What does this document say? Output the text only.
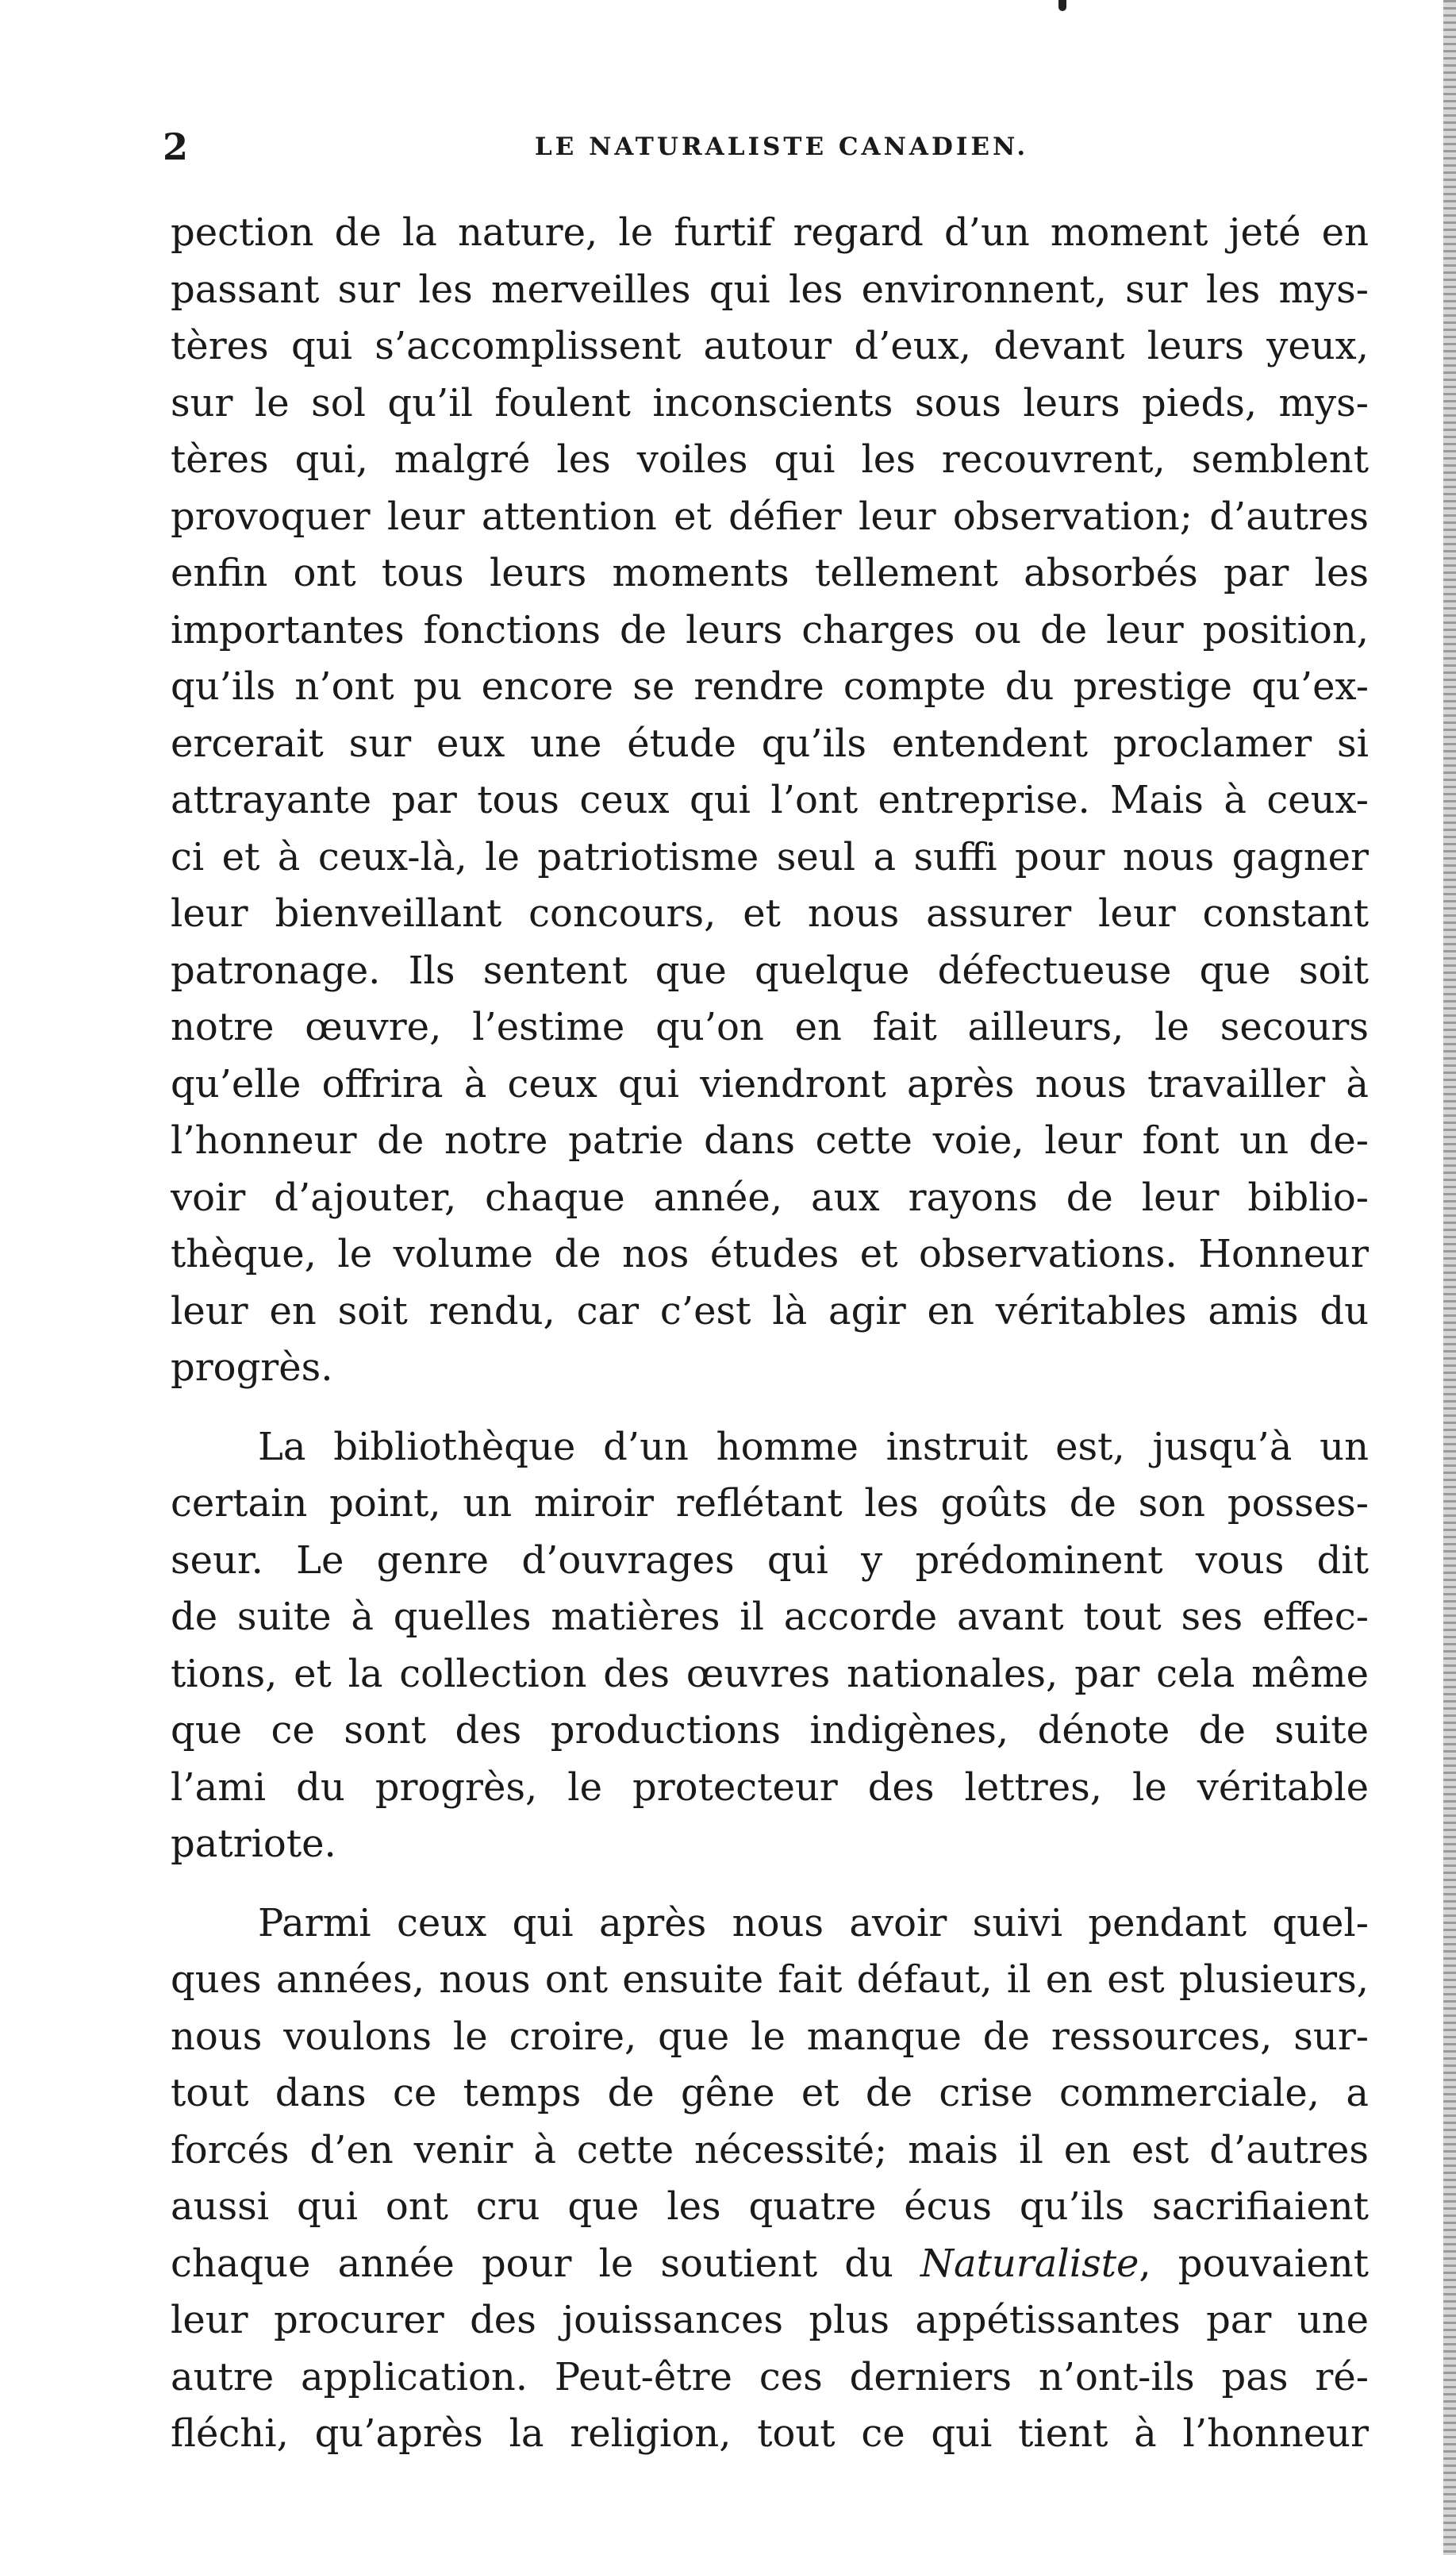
2	LE NATURALISTE CANADIEN.
pection de la nature, le furtif regard d’un moment jeté en
passant sur les merveilles qui les environnent, sur les mys-
tères qui s’accomplissent autour d’eux, devant leurs yeux,
sur le sol qu’il foulent inconscients sous leurs pieds, mys-
tères qui, malgré les voiles qui les recouvrent, semblent
provoquer leur attention et défier leur observation; d’autres
enfin ont tous leurs moments tellement absorbés par les
importantes fonctions de leurs charges ou de leur position,
qu’ils n’ont pu encore se rendre compte du prestige qu’ex-
ercerait sur eux une étude qu’ils entendent proclamer si
attrayante par tous ceux qui l’ont entreprise. Mais à ceux-
ci et à ceux-là, le patriotisme seul a suffi pour nous gagner
leur bienveillant concours, et nous assurer leur constant
patronage. Ils sentent que quelque défectueuse que soit
notre œuvre, l’estime qu’on en fait ailleurs, le secours
qu’elle offrira à ceux qui viendront après nous travailler à
l’honneur de notre patrie dans cette voie, leur font un de-
voir d’ajouter, chaque année, aux rayons de leur biblio-
thèque, le volume de nos études et observations. Honneur
leur en soit rendu, car c’est là agir en véritables amis du
progrès.
La bibliothèque d’un homme instruit est, jusqu’à un
certain point, un miroir reflétant les goûts de son posses-
seur. Le genre d’ouvrages qui y prédominent vous dit
de suite à quelles matières il accorde avant tout ses effec-
tions, et la collection des œuvres nationales, par cela même
que ce sont des productions indigènes, dénote de suite
l’ami du progrès, le protecteur des lettres, le véritable
patriote.
Parmi ceux qui après nous avoir suivi pendant quel-
ques années, nous ont ensuite fait défaut, il en est plusieurs,
nous voulons le croire, que le manque de ressources, sur-
tout dans ce temps de gêne et de crise commerciale, a
forcés d’en venir à cette nécessité; mais il en est d’autres
aussi qui ont cru que les quatre écus qu’ils sacrifiaient
chaque année pour le soutient du Naturaliste, pouvaient
leur procurer des jouissances plus appétissantes par une
autre application. Peut-être ces derniers n’ont-ils pas ré-
fléchi, qu’après la religion, tout ce qui tient à l’honneur
